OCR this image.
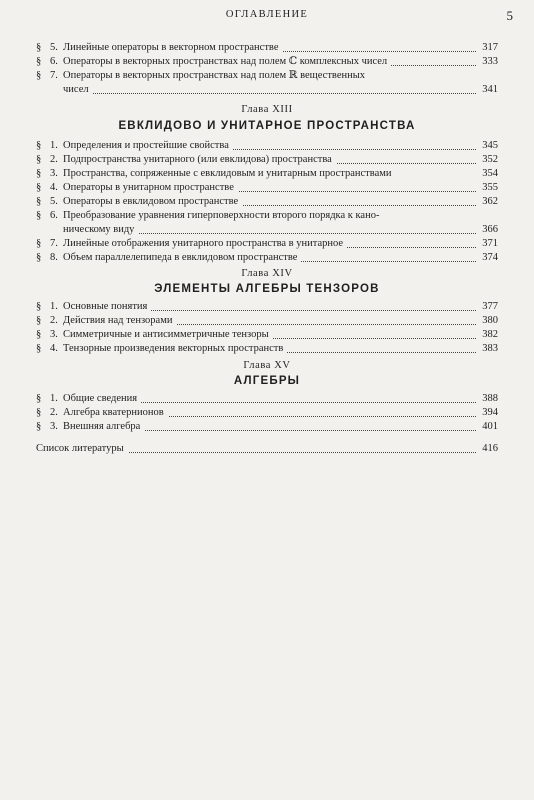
ОГЛАВЛЕНИЕ	5
§ 5. Линейные операторы в векторном пространстве	317
§ 6. Операторы в векторных пространствах над полем ℂ комплексных чисел	333
§ 7. Операторы в векторных пространствах над полем ℝ вещественных
чисел	341
Глава XIII
ЕВКЛИДОВО И УНИТАРНОЕ ПРОСТРАНСТВА
§ 1. Определения и простейшие свойства	345
§ 2. Подпространства унитарного (или евклидова) пространства	352
§ 3. Пространства, сопряженные с евклидовым и унитарным пространствами	354
§ 4. Операторы в унитарном пространстве	355
§ 5. Операторы в евклидовом пространстве	362
§ 6. Преобразование уравнения гиперповерхности второго порядка к кано-
ническому виду	366
§ 7. Линейные отображения унитарного пространства в унитарное	371
§ 8. Объем параллелепипеда в евклидовом пространстве	374
Глава XIV
ЭЛЕМЕНТЫ АЛГЕБРЫ ТЕНЗОРОВ
§ 1. Основные понятия	377
§ 2. Действия над тензорами	380
§ 3. Симметричные и антисимметричные тензоры	382
§ 4. Тензорные произведения векторных пространств	383
Глава XV
АЛГЕБРЫ
§ 1. Общие сведения	388
§ 2. Алгебра кватернионов	394
§ 3. Внешняя алгебра	401
Список литературы	416
